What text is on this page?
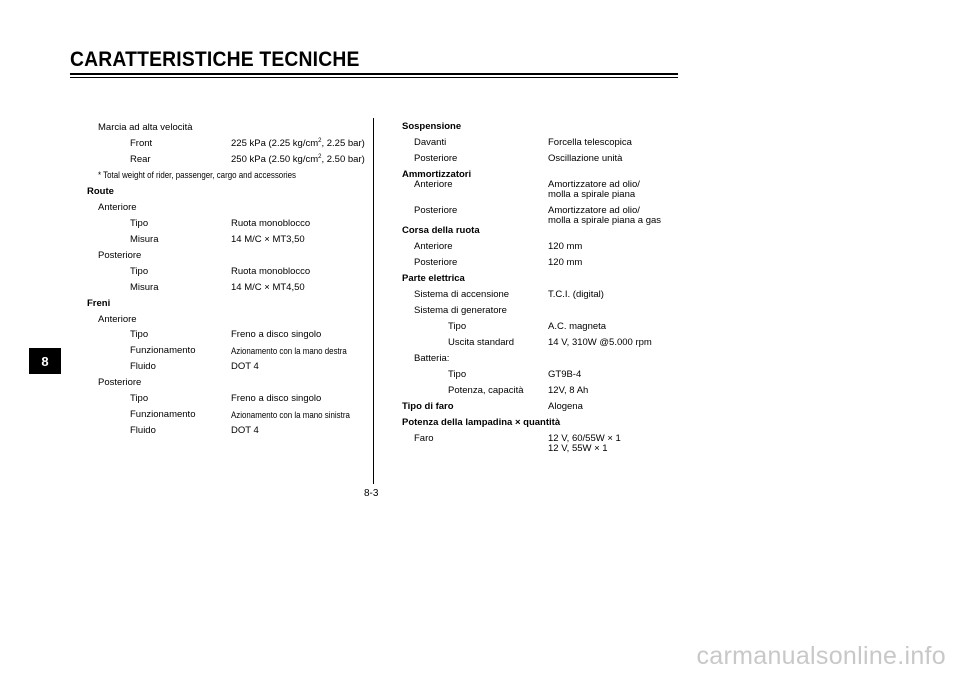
CARATTERISTICHE TECNICHE
8
8-3
Marcia ad alta velocità
Front	225 kPa (2.25 $kg/cm^2$, 2.25 bar)
Rear	250 kPa (2.50 $kg/cm^2$, 2.50 bar)
* Total weight of rider, passenger, cargo and accessories
Route
Anteriore
Tipo	Ruota monoblocco
Misura	14 M/C × MT3,50
Posteriore
Tipo	Ruota monoblocco
Misura	14 M/C × MT4,50
Freni
Anteriore
Tipo	Freno a disco singolo
Funzionamento	Azionamento con la mano destra
Fluido	DOT 4
Posteriore
Tipo	Freno a disco singolo
Funzionamento	Azionamento con la mano sinistra
Fluido	DOT 4
Sospensione
Davanti	Forcella telescopica
Posteriore	Oscillazione unità
Ammortizzatori
Anteriore	Amortizzatore ad olio/
molla a spirale piana
Posteriore	Amortizzatore ad olio/
molla a spirale piana a gas
Corsa della ruota
Anteriore	120 mm
Posteriore	120 mm
Parte elettrica
Sistema di accensione	T.C.I. (digital)
Sistema di generatore
Tipo	A.C. magneta
Uscita standard	14 V, 310W @5.000 rpm
Batteria:
Tipo	GT9B-4
Potenza, capacità	12V, 8 Ah
Tipo di faro	Alogena
Potenza della lampadina × quantità
Faro	12 V, 60/55W × 1
12 V, 55W × 1
carmanualsonline.info
